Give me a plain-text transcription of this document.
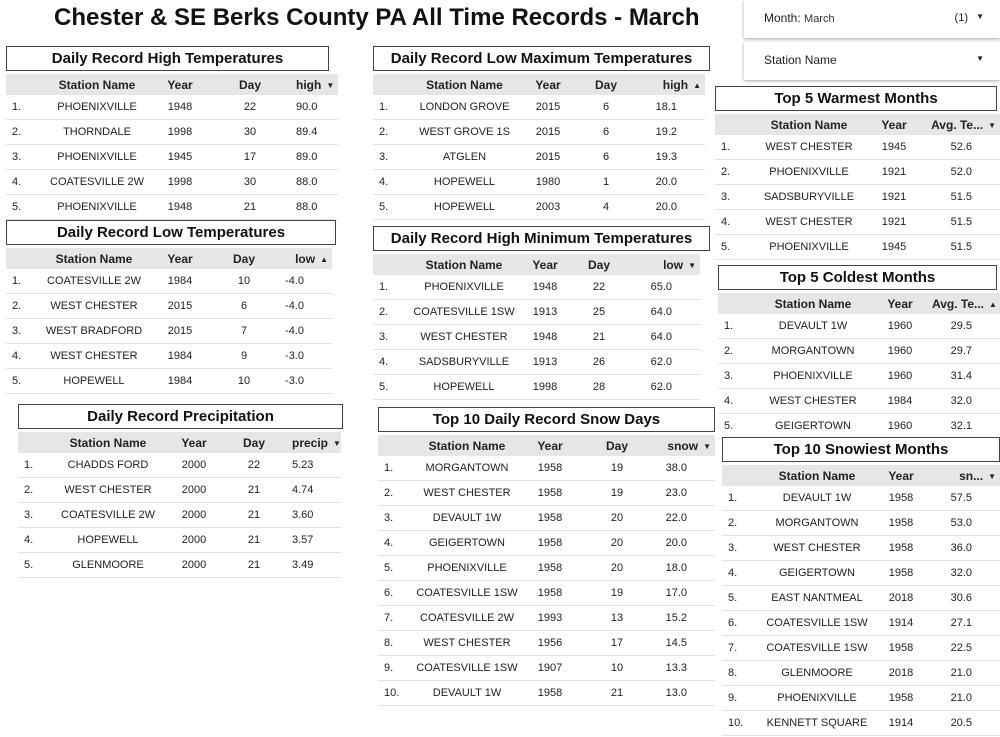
Chester & SE Berks County PA All Time Records - March	Month: March	(1) ▼
Station Name	▼
Daily Record High Temperatures
	Station Name	Year	Day	high ▼
1.	PHOENIXVILLE	1948	22	90.0
2.	THORNDALE	1998	30	89.4
3.	PHOENIXVILLE	1945	17	89.0
4.	COATESVILLE 2W	1998	30	88.0
5.	PHOENIXVILLE	1948	21	88.0
Daily Record Low Temperatures
	Station Name	Year	Day	low ▲
1.	COATESVILLE 2W	1984	10	-4.0
2.	WEST CHESTER	2015	6	-4.0
3.	WEST BRADFORD	2015	7	-4.0
4.	WEST CHESTER	1984	9	-3.0
5.	HOPEWELL	1984	10	-3.0
Daily Record Precipitation
	Station Name	Year	Day	precip ▼
1.	CHADDS FORD	2000	22	5.23
2.	WEST CHESTER	2000	21	4.74
3.	COATESVILLE 2W	2000	21	3.60
4.	HOPEWELL	2000	21	3.57
5.	GLENMOORE	2000	21	3.49
Daily Record Low Maximum Temperatures
	Station Name	Year	Day	high ▲
1.	LONDON GROVE	2015	6	18.1
2.	WEST GROVE 1S	2015	6	19.2
3.	ATGLEN	2015	6	19.3
4.	HOPEWELL	1980	1	20.0
5.	HOPEWELL	2003	4	20.0
Daily Record High Minimum Temperatures
	Station Name	Year	Day	low ▼
1.	PHOENIXVILLE	1948	22	65.0
2.	COATESVILLE 1SW	1913	25	64.0
3.	WEST CHESTER	1948	21	64.0
4.	SADSBURYVILLE	1913	26	62.0
5.	HOPEWELL	1998	28	62.0
Top 10 Daily Record Snow Days
	Station Name	Year	Day	snow ▼
1.	MORGANTOWN	1958	19	38.0
2.	WEST CHESTER	1958	19	23.0
3.	DEVAULT 1W	1958	20	22.0
4.	GEIGERTOWN	1958	20	20.0
5.	PHOENIXVILLE	1958	20	18.0
6.	COATESVILLE 1SW	1958	19	17.0
7.	COATESVILLE 2W	1993	13	15.2
8.	WEST CHESTER	1956	17	14.5
9.	COATESVILLE 1SW	1907	10	13.3
10.	DEVAULT 1W	1958	21	13.0
Top 5 Warmest Months
	Station Name	Year	Avg. Te... ▼
1.	WEST CHESTER	1945	52.6
2.	PHOENIXVILLE	1921	52.0
3.	SADSBURYVILLE	1921	51.5
4.	WEST CHESTER	1921	51.5
5.	PHOENIXVILLE	1945	51.5
Top 5 Coldest Months
	Station Name	Year	Avg. Te... ▲
1.	DEVAULT 1W	1960	29.5
2.	MORGANTOWN	1960	29.7
3.	PHOENIXVILLE	1960	31.4
4.	WEST CHESTER	1984	32.0
5.	GEIGERTOWN	1960	32.1
Top 10 Snowiest Months
	Station Name	Year	sn... ▼
1.	DEVAULT 1W	1958	57.5
2.	MORGANTOWN	1958	53.0
3.	WEST CHESTER	1958	36.0
4.	GEIGERTOWN	1958	32.0
5.	EAST NANTMEAL	2018	30.6
6.	COATESVILLE 1SW	1914	27.1
7.	COATESVILLE 1SW	1958	22.5
8.	GLENMOORE	2018	21.0
9.	PHOENIXVILLE	1958	21.0
10.	KENNETT SQUARE	1914	20.5
